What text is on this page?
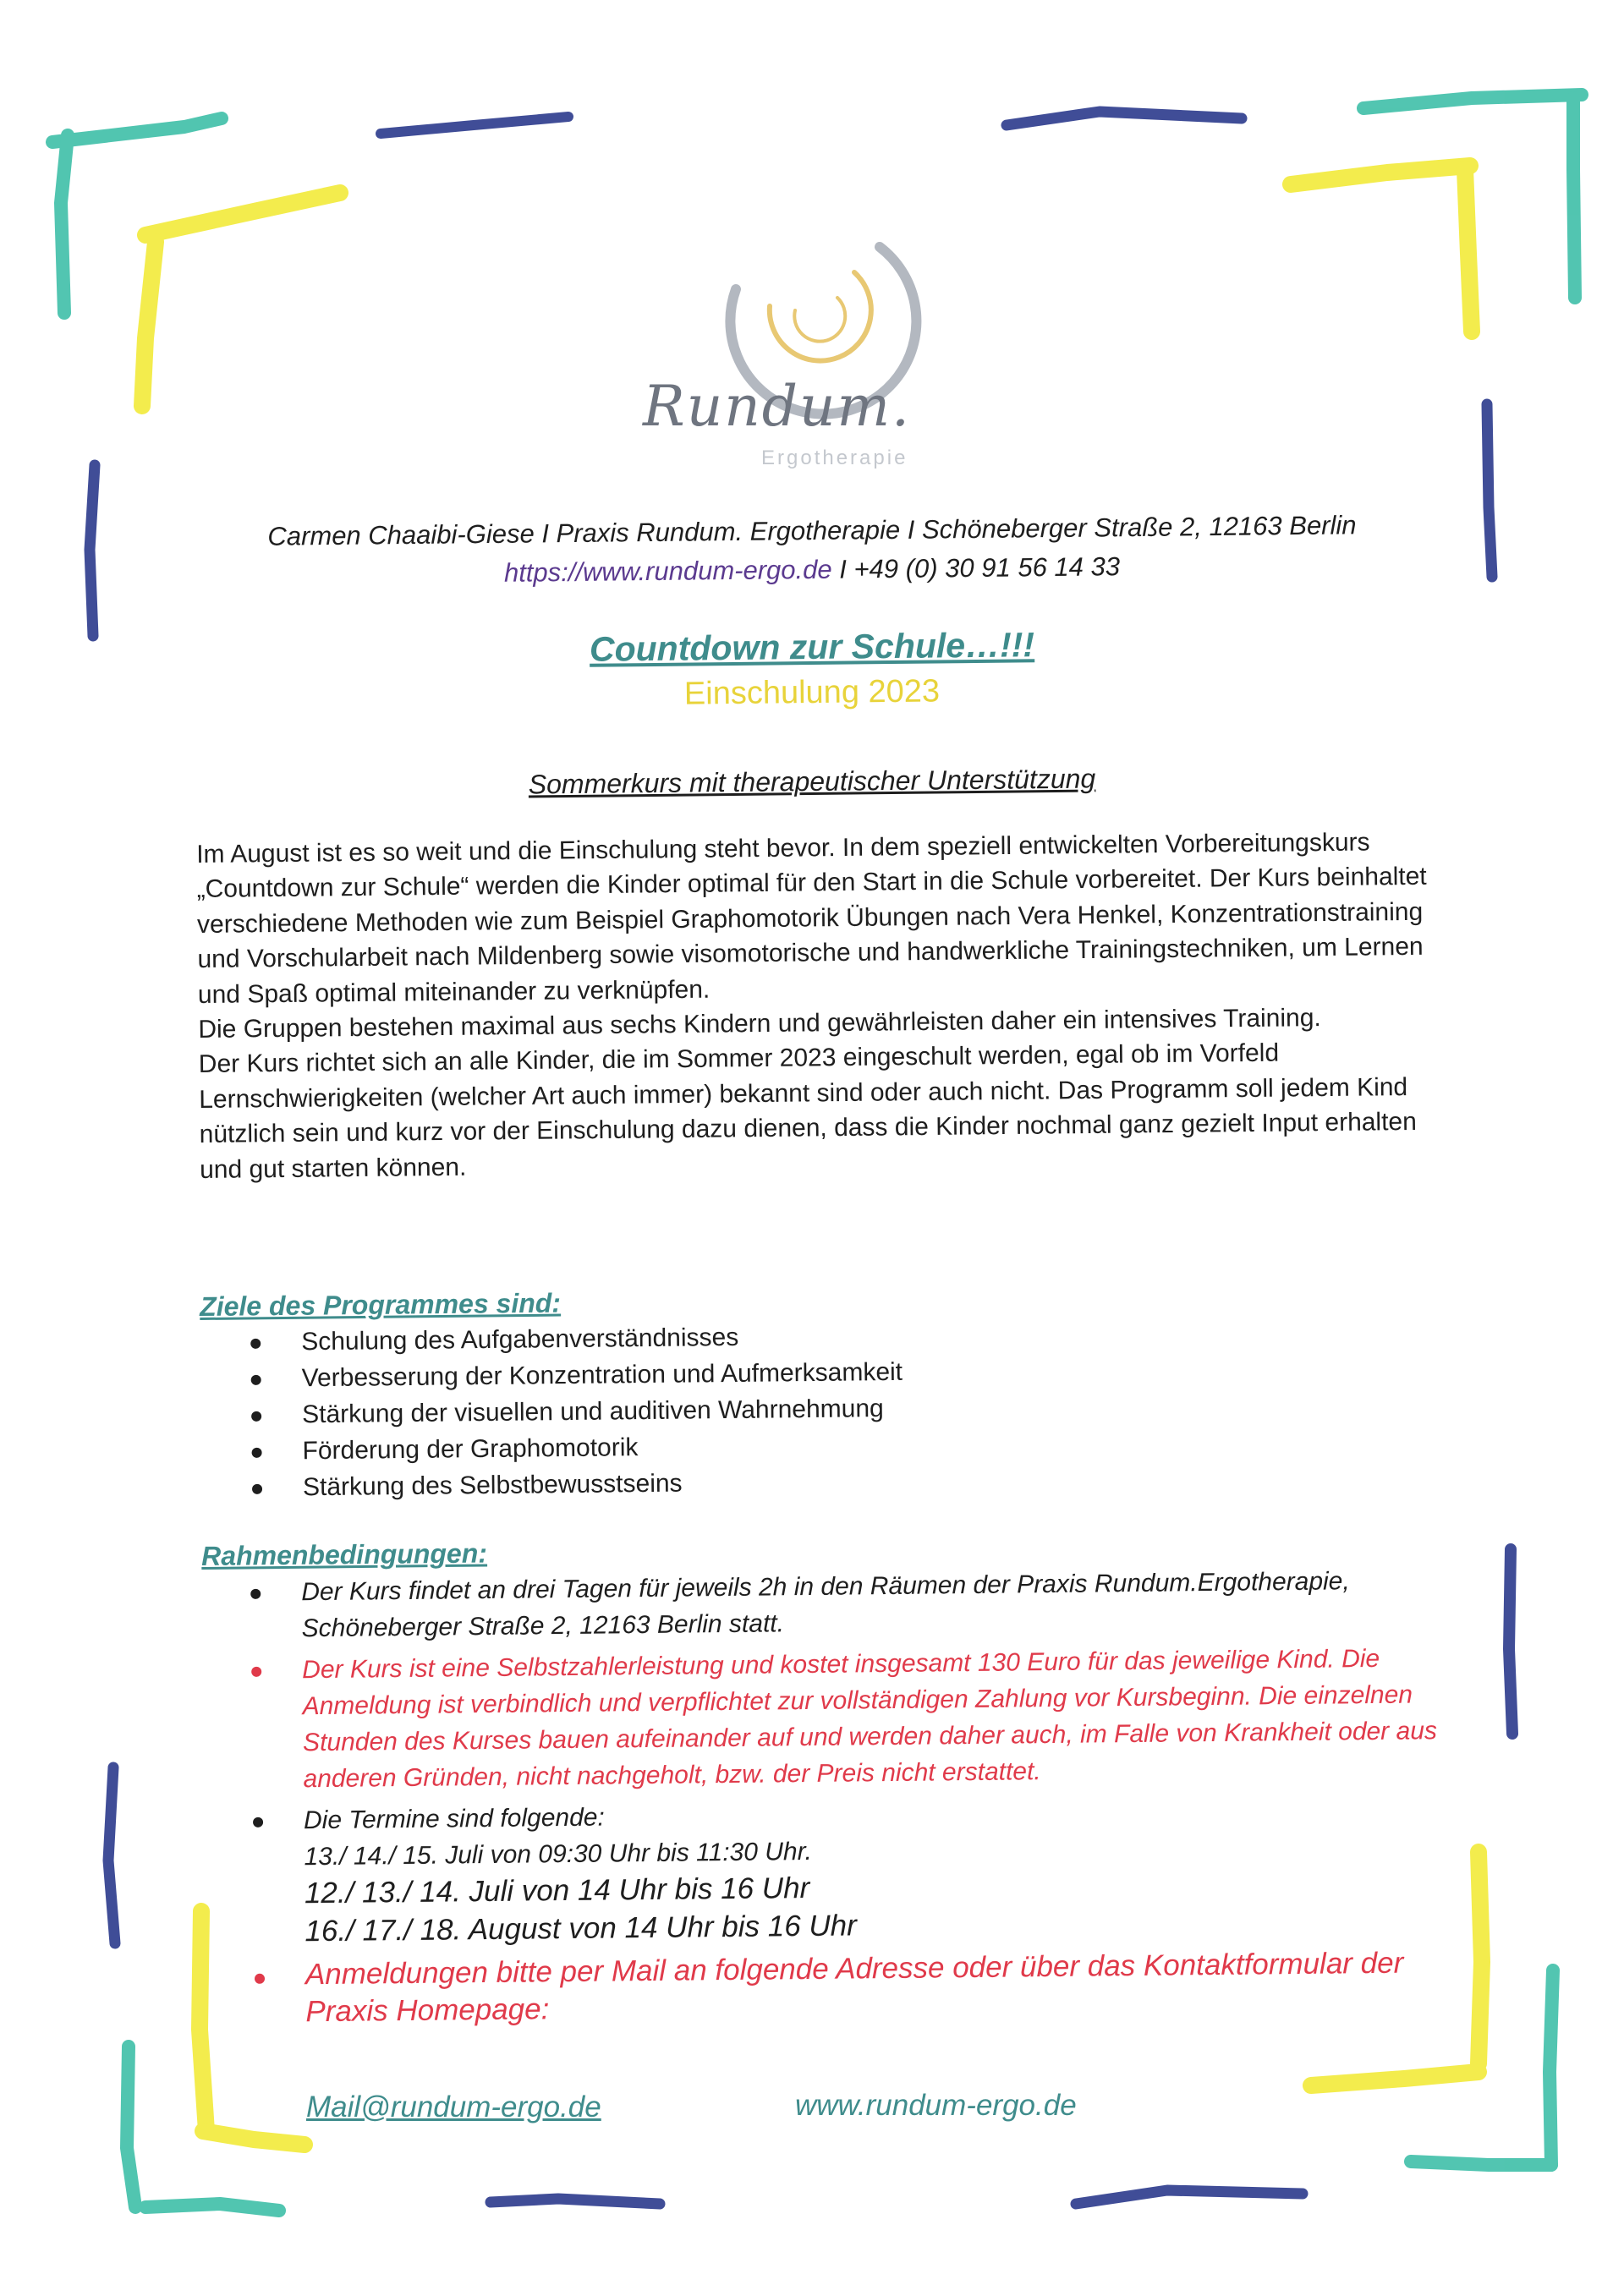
Rundum.
Ergotherapie
Carmen Chaaibi-Giese I Praxis Rundum. Ergotherapie I Schöneberger Straße 2, 12163 Berlin
https://www.rundum-ergo.de I +49 (0) 30 91 56 14 33
Countdown zur Schule…!!!
Einschulung 2023
Sommerkurs mit therapeutischer Unterstützung

Im August ist es so weit und die Einschulung steht bevor. In dem speziell entwickelten Vorbereitungskurs „Countdown zur Schule“ werden die Kinder optimal für den Start in die Schule vorbereitet. Der Kurs beinhaltet verschiedene Methoden wie zum Beispiel Graphomotorik Übungen nach Vera Henkel, Konzentrationstraining und Vorschularbeit nach Mildenberg sowie visomotorische und handwerkliche Trainingstechniken, um Lernen und Spaß optimal miteinander zu verknüpfen.

Die Gruppen bestehen maximal aus sechs Kindern und gewährleisten daher ein intensives Training.

Der Kurs richtet sich an alle Kinder, die im Sommer 2023 eingeschult werden, egal ob im Vorfeld Lernschwierigkeiten (welcher Art auch immer) bekannt sind oder auch nicht. Das Programm soll jedem Kind nützlich sein und kurz vor der Einschulung dazu dienen, dass die Kinder nochmal ganz gezielt Input erhalten und gut starten können.

Ziele des Programmes sind:
Schulung des Aufgabenverständnisses
Verbesserung der Konzentration und Aufmerksamkeit
Stärkung der visuellen und auditiven Wahrnehmung
Förderung der Graphomotorik
Stärkung des Selbstbewusstseins
Rahmenbedingungen:
Der Kurs findet an drei Tagen für jeweils 2h in den Räumen der Praxis Rundum.Ergotherapie, Schöneberger Straße 2, 12163 Berlin statt.
Der Kurs ist eine Selbstzahlerleistung und kostet insgesamt 130 Euro für das jeweilige Kind. Die Anmeldung ist verbindlich und verpflichtet zur vollständigen Zahlung vor Kursbeginn. Die einzelnen Stunden des Kurses bauen aufeinander auf und werden daher auch, im Falle von Krankheit oder aus anderen Gründen, nicht nachgeholt, bzw. der Preis nicht erstattet.
Die Termine sind folgende:
13./ 14./ 15. Juli von 09:30 Uhr bis 11:30 Uhr.
12./ 13./ 14. Juli von 14 Uhr bis 16 Uhr
16./ 17./ 18. August von 14 Uhr bis 16 Uhr
Anmeldungen bitte per Mail an folgende Adresse oder über das Kontaktformular der Praxis Homepage:
Mail@rundum-ergo.de	www.rundum-ergo.de
